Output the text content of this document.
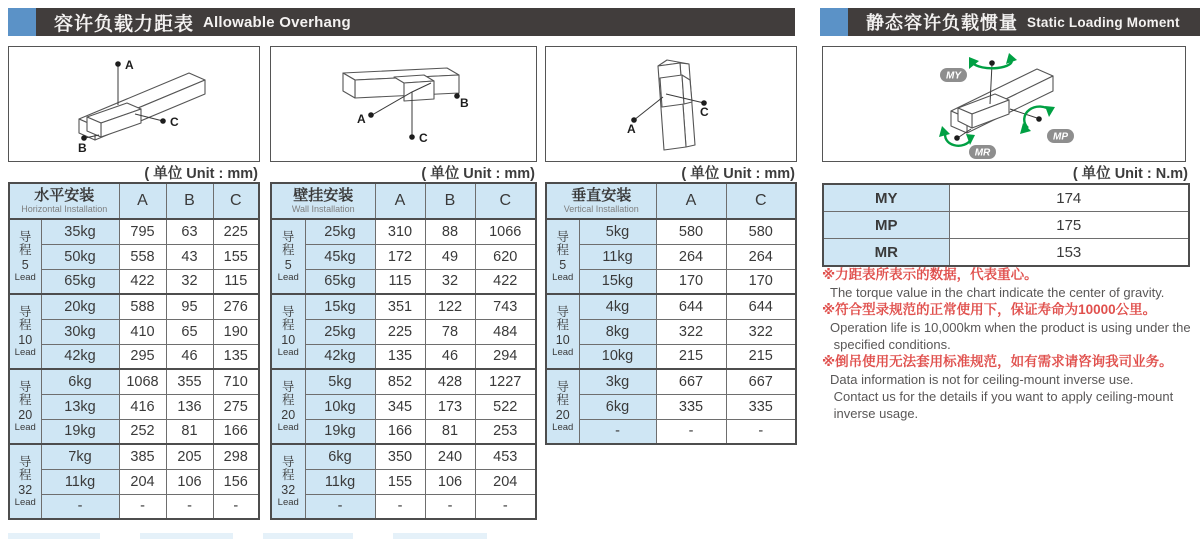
容许负载力距表 Allowable Overhang	静态容许负载惯量 Static Loading Moment
A
C
B
A
C
B
A
C
MY
MP
MR
( 单位 Unit : mm)	( 单位 Unit : mm)	( 单位 Unit : mm)	( 单位 Unit : N.m)
水平安装
Horizontal Installation		A	B	C

导
程
5
Lead	35kg	795	63	225
	50kg	558	43	155
	65kg	422	32	115

导
程
10
Lead	20kg	588	95	276
	30kg	410	65	190
	42kg	295	46	135

导
程
20
Lead	6kg	1068	355	710
	13kg	416	136	275
	19kg	252	81	166

导
程
32
Lead	7kg	385	205	298
	11kg	204	106	156
	-	-	-	-
壁挂安装
Wall Installation		A	B	C

导
程
5
Lead	25kg	310	88	1066
	45kg	172	49	620
	65kg	115	32	422

导
程
10
Lead	15kg	351	122	743
	25kg	225	78	484
	42kg	135	46	294

导
程
20
Lead	5kg	852	428	1227
	10kg	345	173	522
	19kg	166	81	253

导
程
32
Lead	6kg	350	240	453
	11kg	155	106	204
	-	-	-	-
垂直安装
Vertical Installation		A	C

导
程
5
Lead	5kg	580	580
	11kg	264	264
	15kg	170	170

导
程
10
Lead	4kg	644	644
	8kg	322	322
	10kg	215	215

导
程
20
Lead	3kg	667	667
	6kg	335	335
	-	-	-
MY	174
MP	175
MR	153
※力距表所表示的数据，代表重心。
The torque value in the chart indicate the center of gravity.
※符合型录规范的正常使用下，保证寿命为10000公里。
Operation life is 10,000km when the product is using under the
specified conditions.
※倒吊使用无法套用标准规范，如有需求请咨询我司业务。
Data information is not for ceiling-mount inverse use.
Contact us for the details if you want to apply ceiling-mount
inverse usage.
